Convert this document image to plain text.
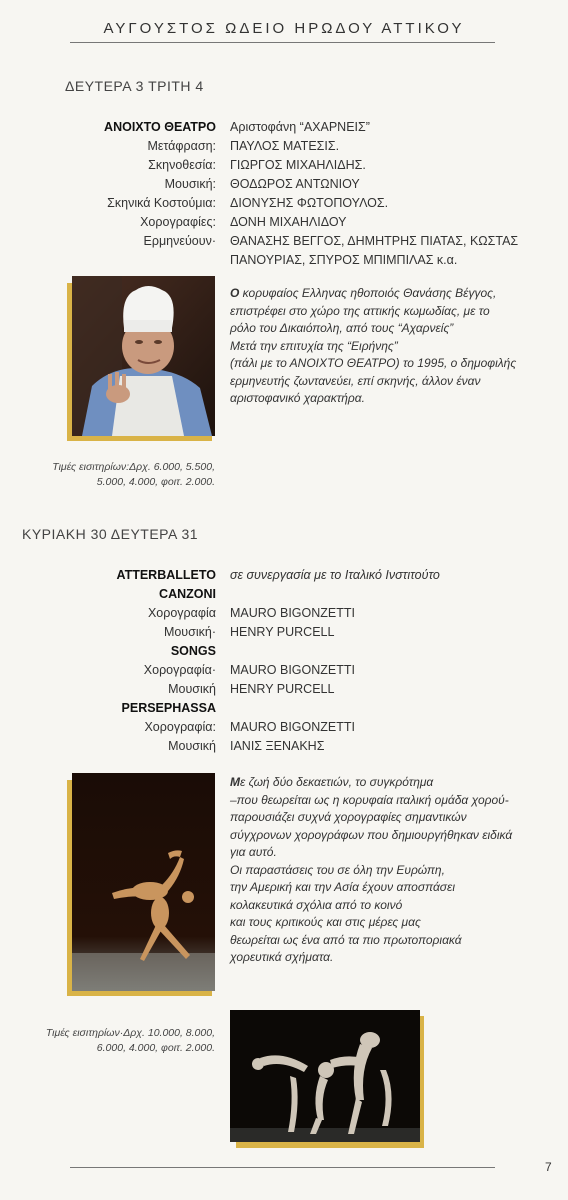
ΑΥΓΟΥΣΤΟΣ ΩΔΕΙΟ ΗΡΩΔΟΥ ΑΤΤΙΚΟΥ
ΔΕΥΤΕΡΑ 3 ΤΡΙΤΗ 4
ΑΝΟΙΧΤΟ ΘΕΑΤΡΟ Αριστοφάνη “ΑΧΑΡΝΕΙΣ”
Μετάφραση: ΠΑΥΛΟΣ ΜΑΤΕΣΙΣ.
Σκηνοθεσία: ΓΙΩΡΓΟΣ ΜΙΧΑΗΛΙΔΗΣ.
Μουσική: ΘΟΔΩΡΟΣ ΑΝΤΩΝΙΟΥ
Σκηνικά Κοστούμια: ΔΙΟΝΥΣΗΣ ΦΩΤΟΠΟΥΛΟΣ.
Χορογραφίες: ΔΟΝΗ ΜΙΧΑΗΛΙΔΟΥ
Ερμηνεύουν· ΘΑΝΑΣΗΣ ΒΕΓΓΟΣ, ΔΗΜΗΤΡΗΣ ΠΙΑΤΑΣ, ΚΩΣΤΑΣ
ΠΑΝΟΥΡΙΑΣ, ΣΠΥΡΟΣ ΜΠΙΜΠΙΛΑΣ κ.α.
Ο κορυφαίος Ελληνας ηθοποιός Θανάσης Βέγγος,
επιστρέφει στο χώρο της αττικής κωμωδίας, με το
ρόλο του Δικαιόπολη, από τους “Αχαρνείς”
Μετά την επιτυχία της “Ειρήνης”
(πάλι με το ΑΝΟΙΧΤΟ ΘΕΑΤΡΟ) το 1995, ο δημοφιλής
ερμηνευτής ζωντανεύει, επί σκηνής, άλλον έναν
αριστοφανικό χαρακτήρα.
Τιμές εισιτηρίων:Δρχ. 6.000, 5.500,
5.000, 4.000, φοιτ. 2.000.
ΚΥΡΙΑΚΗ 30 ΔΕΥΤΕΡΑ 31
ATTERBALLETO σε συνεργασία με το Ιταλικό Ινστιτούτο
CANZONI
Χορογραφία MAURO BIGONZETTI
Μουσική· HENRY PURCELL
SONGS
Χορογραφία· MAURO BIGONZETTI
Μουσική HENRY PURCELL
PERSEPHASSA
Χορογραφία: MAURO BIGONZETTI
Μουσική ΙΑΝΙΣ ΞΕΝΑΚΗΣ
Με ζωή δύο δεκαετιών, το συγκρότημα
–που θεωρείται ως η κορυφαία ιταλική ομάδα χορού-
παρουσιάζει συχνά χορογραφίες σημαντικών
σύγχρονων χορογράφων που δημιουργήθηκαν ειδικά
για αυτό.
Οι παραστάσεις του σε όλη την Ευρώπη,
την Αμερική και την Ασία έχουν αποσπάσει
κολακευτικά σχόλια από το κοινό
και τους κριτικούς και στις μέρες μας
θεωρείται ως ένα από τα πιο πρωτοποριακά
χορευτικά σχήματα.
Τιμές εισιτηρίων·Δρχ. 10.000, 8.000,
6.000, 4.000, φοιτ. 2.000.
7
